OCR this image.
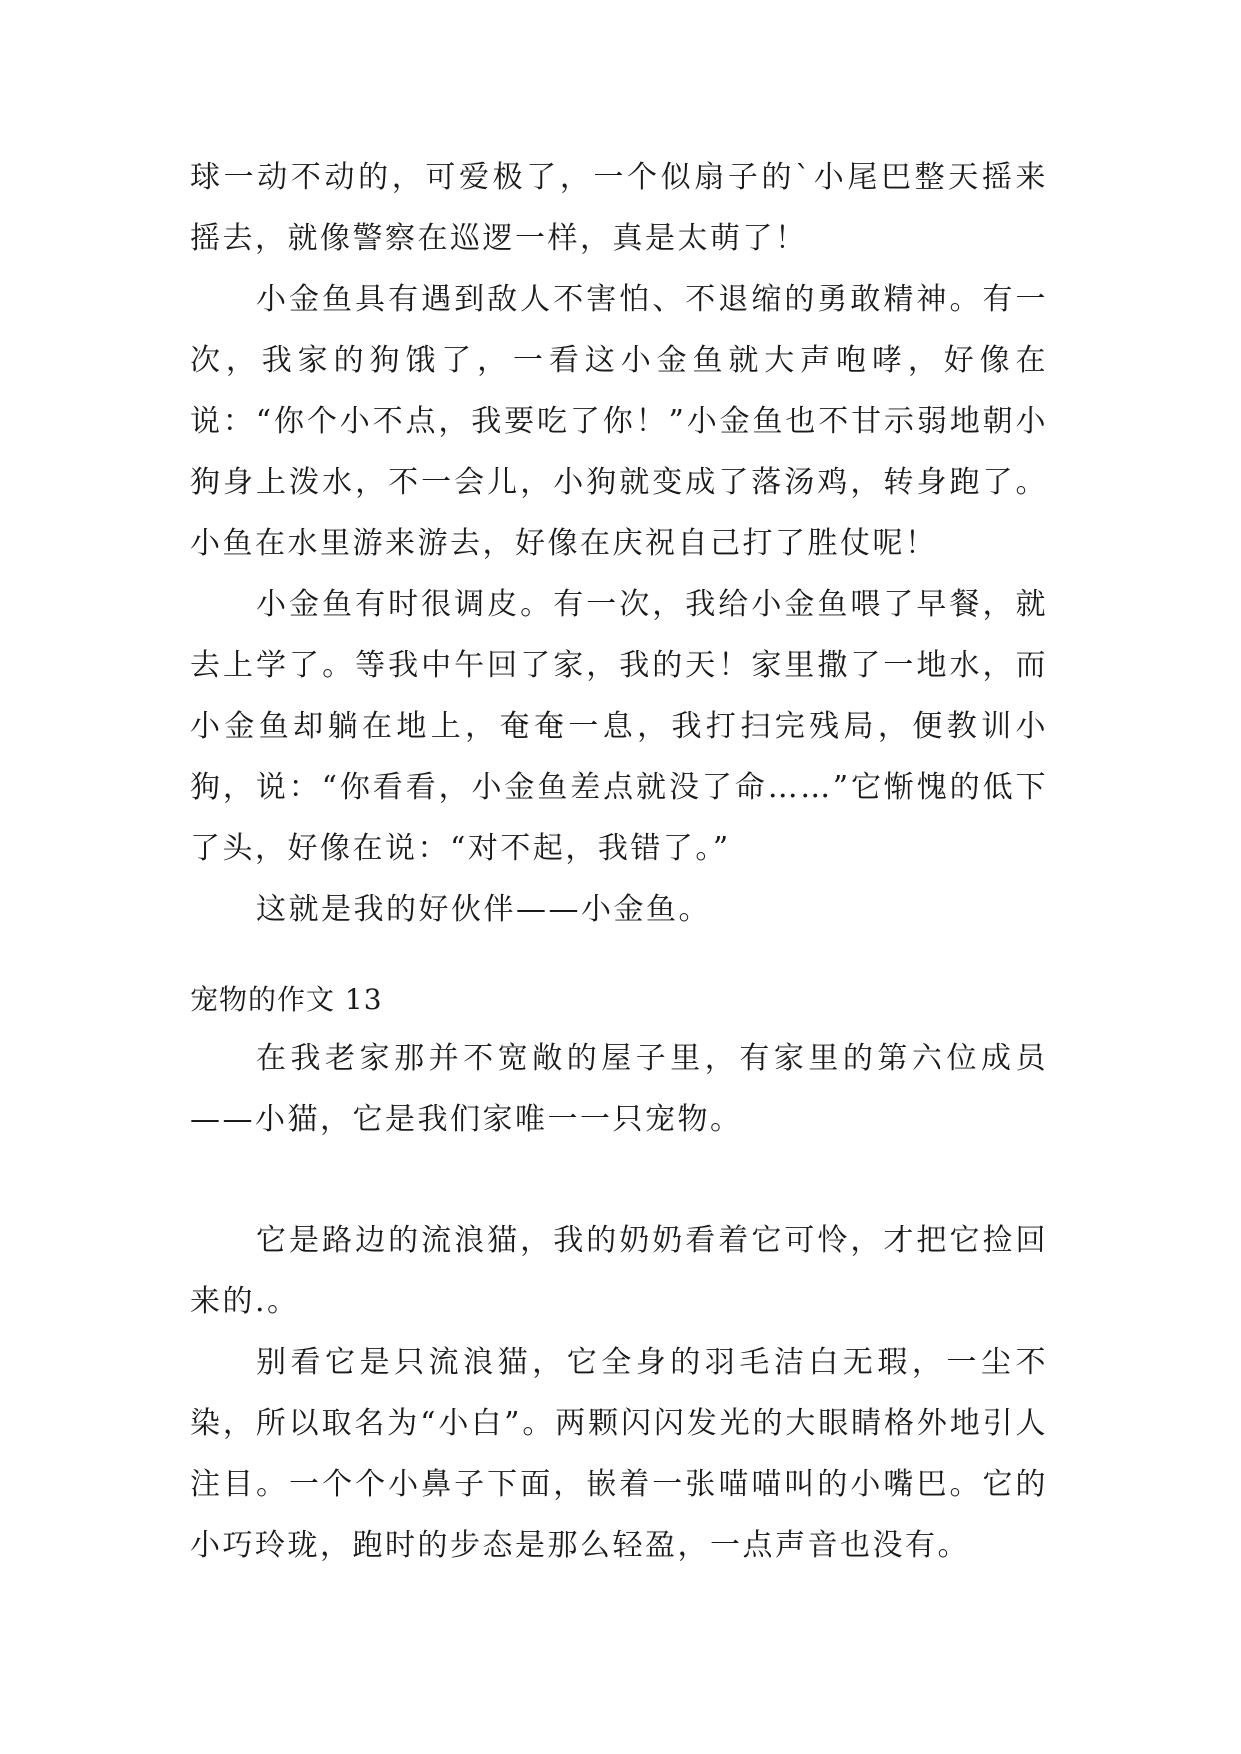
球一动不动的，可爱极了，一个似扇子的`小尾巴整天摇来摇去，就像警察在巡逻一样，真是太萌了！

小金鱼具有遇到敌人不害怕、不退缩的勇敢精神。有一次，我家的狗饿了，一看这小金鱼就大声咆哮，好像在说：“你个小不点，我要吃了你！”小金鱼也不甘示弱地朝小狗身上泼水，不一会儿，小狗就变成了落汤鸡，转身跑了。小鱼在水里游来游去，好像在庆祝自己打了胜仗呢！

小金鱼有时很调皮。有一次，我给小金鱼喂了早餐，就去上学了。等我中午回了家，我的天！家里撒了一地水，而小金鱼却躺在地上，奄奄一息，我打扫完残局，便教训小狗，说：“你看看，小金鱼差点就没了命……”它惭愧的低下了头，好像在说：“对不起，我错了。”

这就是我的好伙伴——小金鱼。

宠物的作文 13

在我老家那并不宽敞的屋子里，有家里的第六位成员——小猫，它是我们家唯一一只宠物。

它是路边的流浪猫，我的奶奶看着它可怜，才把它捡回来的.。

别看它是只流浪猫，它全身的羽毛洁白无瑕，一尘不染，所以取名为“小白”。两颗闪闪发光的大眼睛格外地引人注目。一个个小鼻子下面，嵌着一张喵喵叫的小嘴巴。它的小巧玲珑，跑时的步态是那么轻盈，一点声音也没有。
